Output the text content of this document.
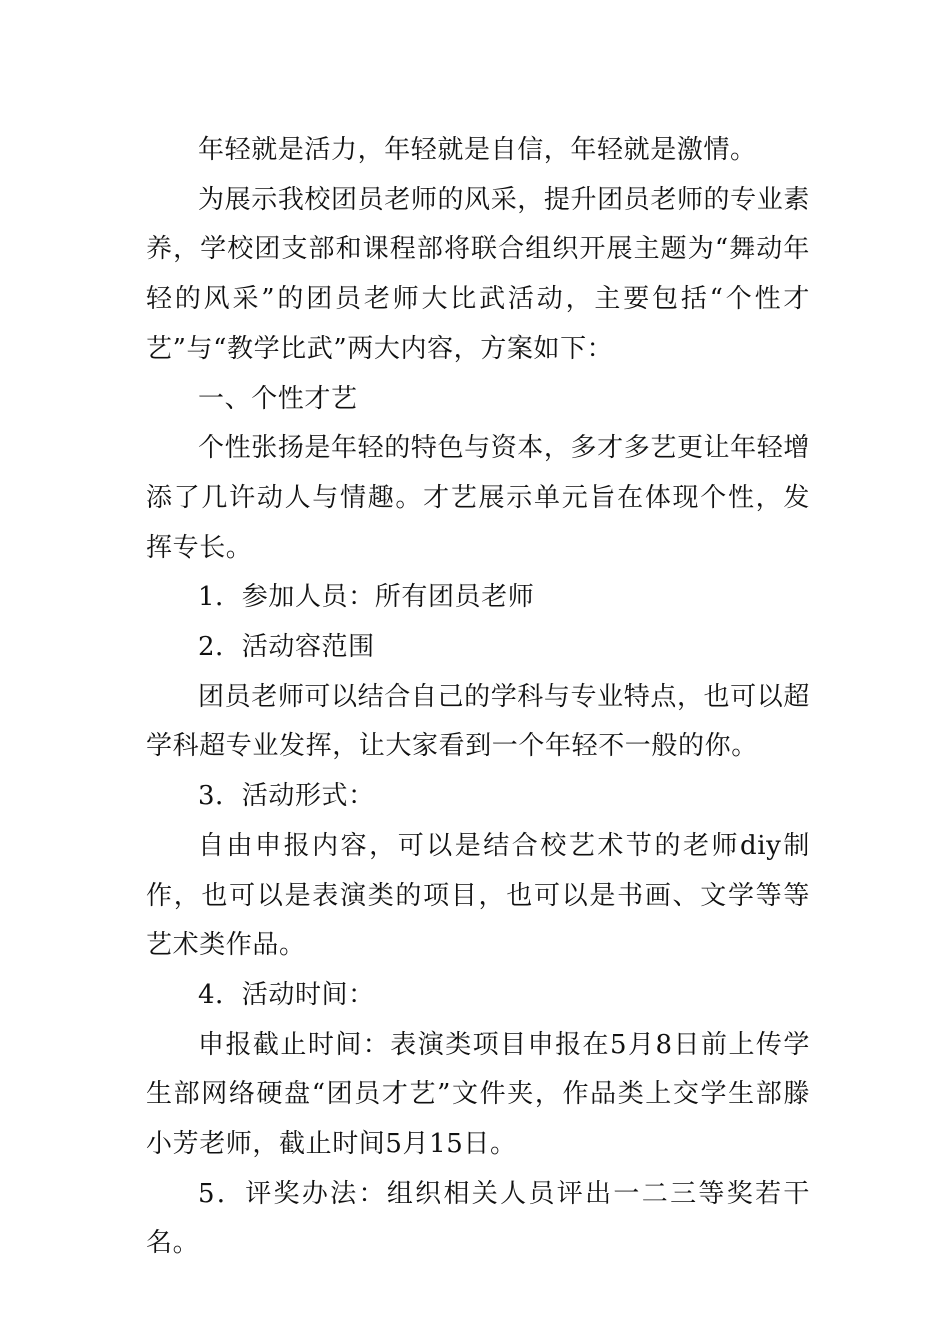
年轻就是活力，年轻就是自信，年轻就是激情。

为展示我校团员老师的风采，提升团员老师的专业素养，学校团支部和课程部将联合组织开展主题为“舞动年轻的风采”的团员老师大比武活动，主要包括“个性才艺”与“教学比武”两大内容，方案如下：

一、个性才艺

个性张扬是年轻的特色与资本，多才多艺更让年轻增添了几许动人与情趣。才艺展示单元旨在体现个性，发挥专长。

1．参加人员：所有团员老师

2．活动容范围

团员老师可以结合自己的学科与专业特点，也可以超学科超专业发挥，让大家看到一个年轻不一般的你。

3．活动形式：

自由申报内容，可以是结合校艺术节的老师diy制作，也可以是表演类的项目，也可以是书画、文学等等艺术类作品。

4．活动时间：

申报截止时间：表演类项目申报在5月8日前上传学生部网络硬盘“团员才艺”文件夹，作品类上交学生部滕小芳老师，截止时间5月15日。

5．评奖办法：组织相关人员评出一二三等奖若干名。
